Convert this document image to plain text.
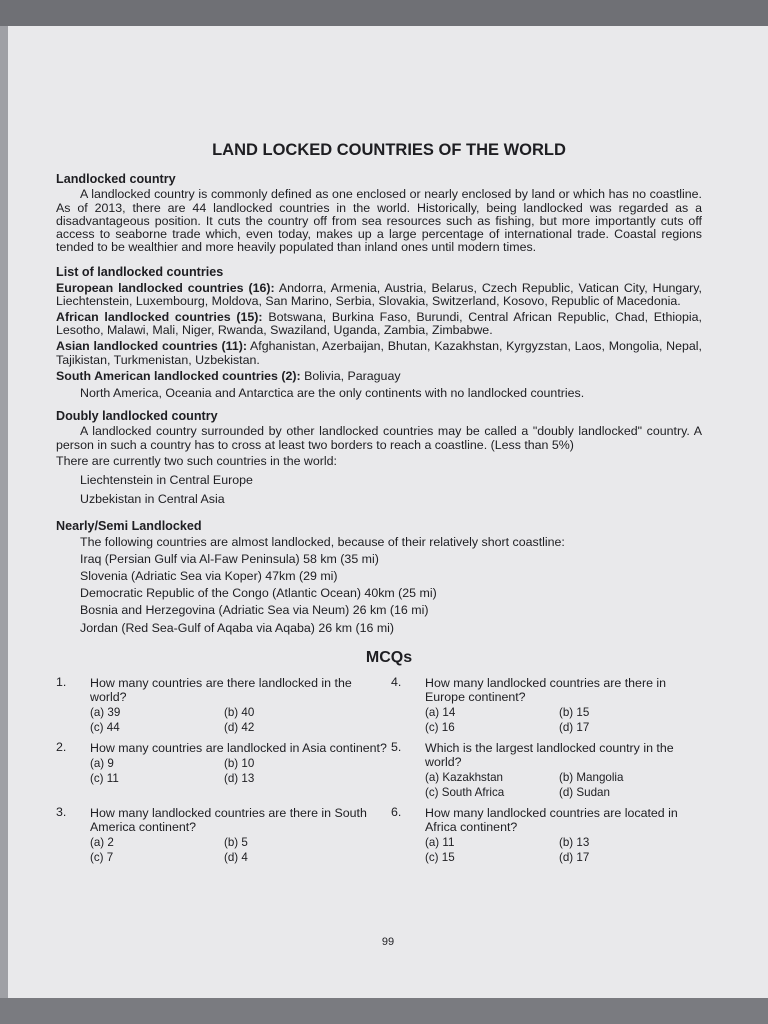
LAND LOCKED COUNTRIES OF THE WORLD
Landlocked country

A landlocked country is commonly defined as one enclosed or nearly enclosed by land or which has no coastline. As of 2013, there are 44 landlocked countries in the world. Historically, being landlocked was regarded as a disadvantageous position. It cuts the country off from sea resources such as fishing, but more importantly cuts off access to seaborne trade which, even today, makes up a large percentage of international trade. Coastal regions tended to be wealthier and more heavily populated than inland ones until modern times.

List of landlocked countries
European landlocked countries (16): Andorra, Armenia, Austria, Belarus, Czech Republic, Vatican City, Hungary, Liechtenstein, Luxembourg, Moldova, San Marino, Serbia, Slovakia, Switzerland, Kosovo, Republic of Macedonia.
African landlocked countries (15): Botswana, Burkina Faso, Burundi, Central African Republic, Chad, Ethiopia, Lesotho, Malawi, Mali, Niger, Rwanda, Swaziland, Uganda, Zambia, Zimbabwe.
Asian landlocked countries (11): Afghanistan, Azerbaijan, Bhutan, Kazakhstan, Kyrgyzstan, Laos, Mongolia, Nepal, Tajikistan, Turkmenistan, Uzbekistan.
South American landlocked countries (2): Bolivia, Paraguay

North America, Oceania and Antarctica are the only continents with no landlocked countries.

Doubly landlocked country

A landlocked country surrounded by other landlocked countries may be called a "doubly landlocked" country. A person in such a country has to cross at least two borders to reach a coastline. (Less than 5%)

There are currently two such countries in the world:

Liechtenstein in Central Europe

Uzbekistan in Central Asia

Nearly/Semi Landlocked

The following countries are almost landlocked, because of their relatively short coastline:

Iraq (Persian Gulf via Al-Faw Peninsula) 58 km (35 mi)

Slovenia (Adriatic Sea via Koper) 47km (29 mi)

Democratic Republic of the Congo (Atlantic Ocean) 40km (25 mi)

Bosnia and Herzegovina (Adriatic Sea via Neum) 26 km (16 mi)

Jordan (Red Sea-Gulf of Aqaba via Aqaba) 26 km (16 mi)

MCQs
1.	How many countries are there landlocked in the world?
(a) 39	(b) 40
(c) 44	(d) 42
4.	How many landlocked countries are there in Europe continent?
(a) 14	(b) 15
(c) 16	(d) 17
2.	How many countries are landlocked in Asia continent?
(a) 9	(b) 10
(c) 11	(d) 13
5.	Which is the largest landlocked country in the world?
(a) Kazakhstan	(b) Mangolia
(c) South Africa	(d) Sudan
3.	How many landlocked countries are there in South America continent?
(a) 2	(b) 5
(c) 7	(d) 4
6.	How many landlocked countries are located in Africa continent?
(a) 11	(b) 13
(c) 15	(d) 17
99
